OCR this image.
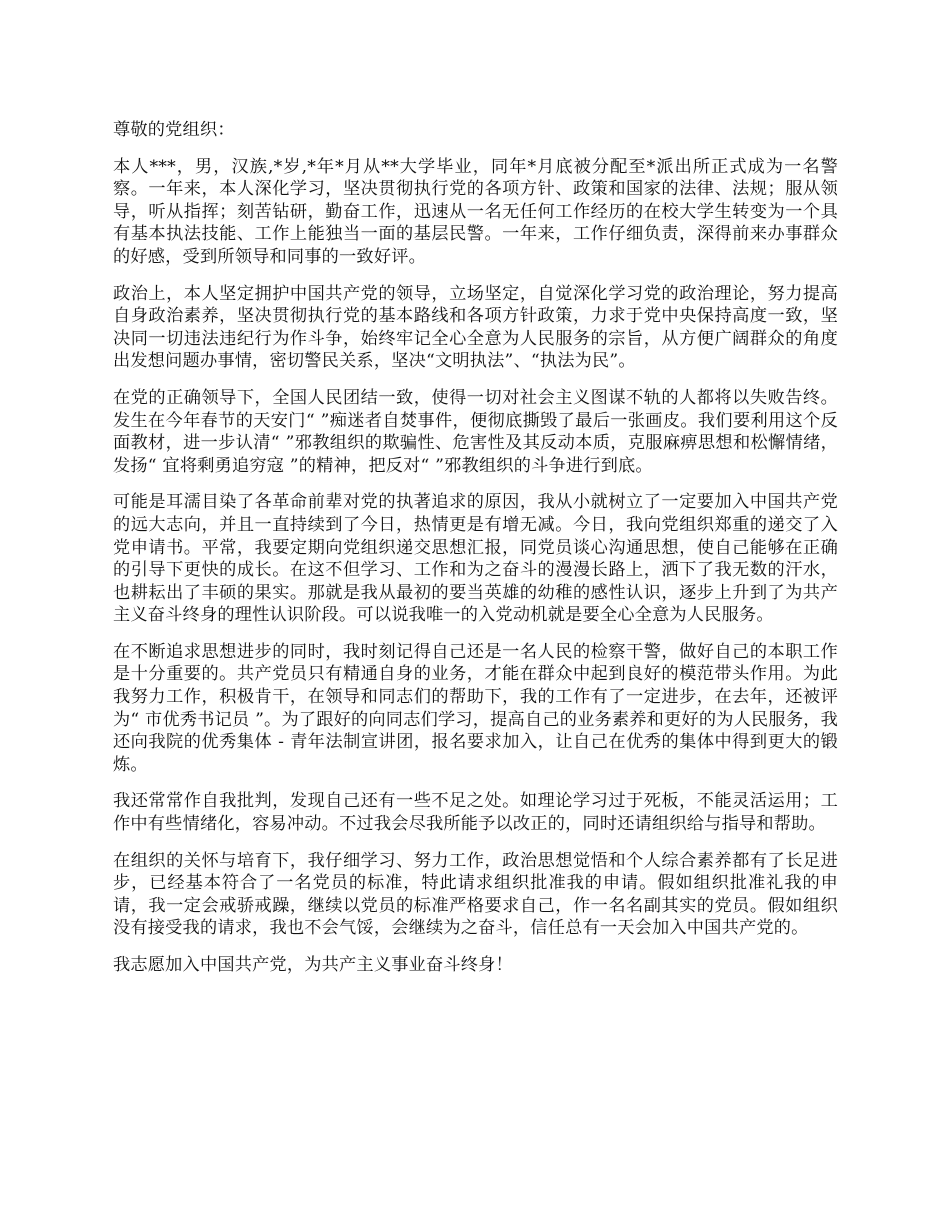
尊敬的党组织：

本人***，男，汉族,*岁,*年*月从**大学毕业，同年*月底被分配至*派出所正式成为一名警察。一年来，本人深化学习，坚决贯彻执行党的各项方针、政策和国家的法律、法规；服从领导，听从指挥；刻苦钻研，勤奋工作，迅速从一名无任何工作经历的在校大学生转变为一个具有基本执法技能、工作上能独当一面的基层民警。一年来，工作仔细负责，深得前来办事群众的好感，受到所领导和同事的一致好评。

政治上，本人坚定拥护中国共产党的领导，立场坚定，自觉深化学习党的政治理论，努力提高自身政治素养，坚决贯彻执行党的基本路线和各项方针政策，力求于党中央保持高度一致，坚决同一切违法违纪行为作斗争，始终牢记全心全意为人民服务的宗旨，从方便广阔群众的角度出发想问题办事情，密切警民关系，坚决“文明执法”、“执法为民”。

在党的正确领导下，全国人民团结一致，使得一切对社会主义图谋不轨的人都将以失败告终。发生在今年春节的天安门“ ”痴迷者自焚事件，便彻底撕毁了最后一张画皮。我们要利用这个反面教材，进一步认清“ ”邪教组织的欺骗性、危害性及其反动本质，克服麻痹思想和松懈情绪，发扬“ 宜将剩勇追穷寇 ”的精神，把反对“ ”邪教组织的斗争进行到底。

可能是耳濡目染了各革命前辈对党的执著追求的原因，我从小就树立了一定要加入中国共产党的远大志向，并且一直持续到了今日，热情更是有增无减。今日，我向党组织郑重的递交了入党申请书。平常，我要定期向党组织递交思想汇报，同党员谈心沟通思想，使自己能够在正确的引导下更快的成长。在这不但学习、工作和为之奋斗的漫漫长路上，洒下了我无数的汗水，也耕耘出了丰硕的果实。那就是我从最初的要当英雄的幼稚的感性认识，逐步上升到了为共产主义奋斗终身的理性认识阶段。可以说我唯一的入党动机就是要全心全意为人民服务。

在不断追求思想进步的同时，我时刻记得自己还是一名人民的检察干警，做好自己的本职工作是十分重要的。共产党员只有精通自身的业务，才能在群众中起到良好的模范带头作用。为此我努力工作，积极肯干，在领导和同志们的帮助下，我的工作有了一定进步，在去年，还被评为“ 市优秀书记员 ”。为了跟好的向同志们学习，提高自己的业务素养和更好的为人民服务，我还向我院的优秀集体 - 青年法制宣讲团，报名要求加入，让自己在优秀的集体中得到更大的锻炼。

我还常常作自我批判，发现自己还有一些不足之处。如理论学习过于死板，不能灵活运用；工作中有些情绪化，容易冲动。不过我会尽我所能予以改正的，同时还请组织给与指导和帮助。

在组织的关怀与培育下，我仔细学习、努力工作，政治思想觉悟和个人综合素养都有了长足进步，已经基本符合了一名党员的标准，特此请求组织批准我的申请。假如组织批准礼我的申请，我一定会戒骄戒躁，继续以党员的标准严格要求自己，作一名名副其实的党员。假如组织没有接受我的请求，我也不会气馁，会继续为之奋斗，信任总有一天会加入中国共产党的。

我志愿加入中国共产党，为共产主义事业奋斗终身！
